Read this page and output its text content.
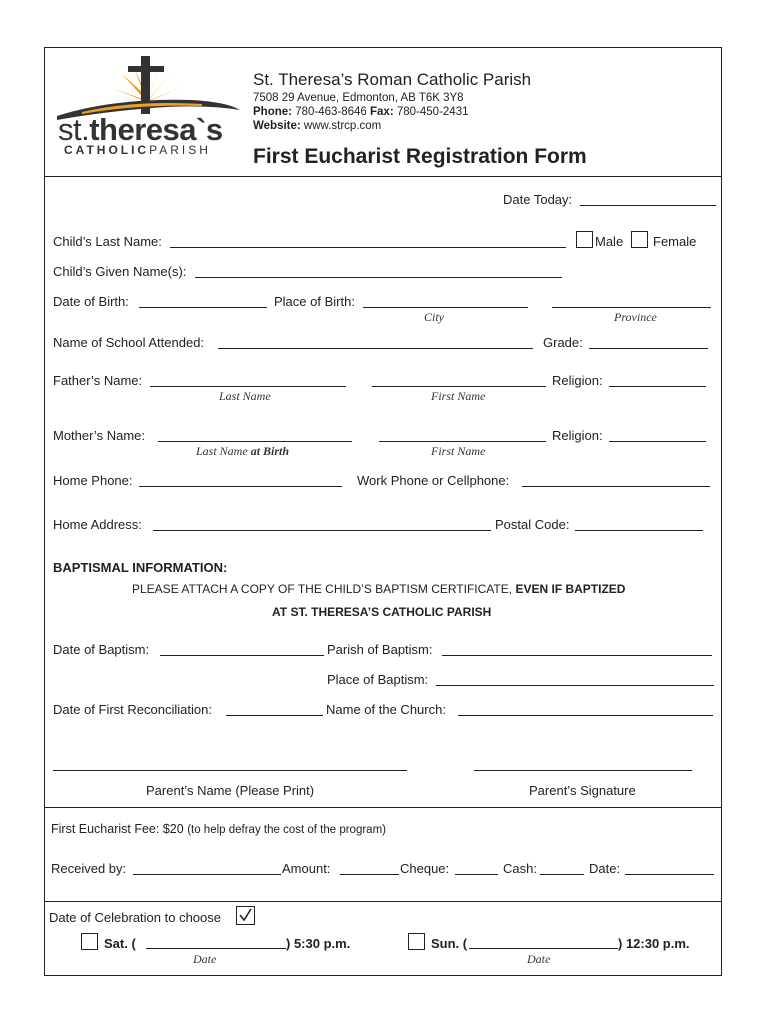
st.theresa`s
CATHOLICPARISH
St. Theresa’s Roman Catholic Parish
7508 29 Avenue, Edmonton, AB T6K 3Y8
Phone: 780-463-8646 Fax: 780-450-2431
Website: www.strcp.com
First Eucharist Registration Form
Date Today:
Child’s Last Name:	Male Female
Child’s Given Name(s):
Date of Birth:	Place of Birth:
City	Province
Name of School Attended:	Grade:
Father’s Name:	Religion:
Last Name	First Name
Mother’s Name:	Religion:
Last Name at Birth	First Name
Home Phone:	Work Phone or Cellphone:
Home Address:	Postal Code:
BAPTISMAL INFORMATION:
PLEASE ATTACH A COPY OF THE CHILD’S BAPTISM CERTIFICATE, EVEN IF BAPTIZED
AT ST. THERESA’S CATHOLIC PARISH
Date of Baptism:	Parish of Baptism:
Place of Baptism:
Date of First Reconciliation:	Name of the Church:
Parent’s Name (Please Print)	Parent’s Signature
First Eucharist Fee: $20 (to help defray the cost of the program)
Received by:	Amount:	Cheque:	Cash:	Date:
Date of Celebration to choose
Sat. (	) 5:30 p.m.
Date
Sun. (	) 12:30 p.m.
Date
